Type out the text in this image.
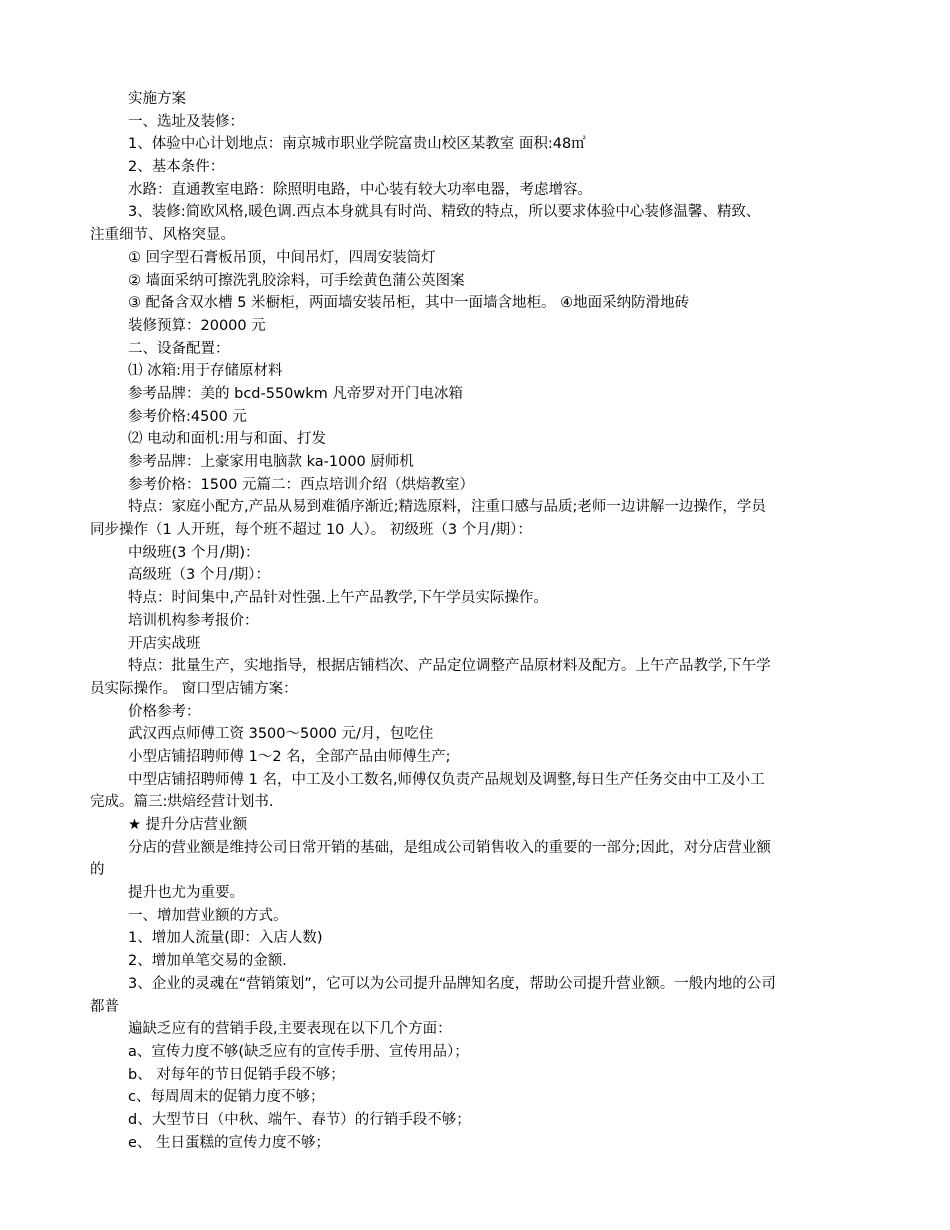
实施方案
一、选址及装修：
1、体验中心计划地点：南京城市职业学院富贵山校区某教室 面积:48㎡
2、基本条件：
水路：直通教室电路：除照明电路，中心装有较大功率电器，考虑增容。
3、装修:简欧风格,暖色调.西点本身就具有时尚、精致的特点，所以要求体验中心装修温馨、精致、
注重细节、风格突显。
① 回字型石膏板吊顶，中间吊灯，四周安装筒灯
② 墙面采纳可擦洗乳胶涂料，可手绘黄色蒲公英图案
③ 配备含双水槽 5 米橱柜，两面墙安装吊柜，其中一面墙含地柜。 ④地面采纳防滑地砖
装修预算：20000 元
二、设备配置：
⑴ 冰箱:用于存储原材料
参考品牌：美的 bcd-550wkm 凡帝罗对开门电冰箱
参考价格:4500 元
⑵ 电动和面机:用与和面、打发
参考品牌：上豪家用电脑款 ka-1000 厨师机
参考价格：1500 元篇二：西点培训介绍（烘焙教室）
特点：家庭小配方,产品从易到难循序渐近;精选原料，注重口感与品质;老师一边讲解一边操作，学员
同步操作（1 人开班，每个班不超过 10 人）。 初级班（3 个月/期）：
中级班(3 个月/期)：
高级班（3 个月/期）：
特点：时间集中,产品针对性强.上午产品教学,下午学员实际操作。
培训机构参考报价：
开店实战班
特点：批量生产，实地指导，根据店铺档次、产品定位调整产品原材料及配方。上午产品教学,下午学
员实际操作。 窗口型店铺方案：
价格参考：
武汉西点师傅工资 3500～5000 元/月，包吃住
小型店铺招聘师傅 1～2 名，全部产品由师傅生产;
中型店铺招聘师傅 1 名，中工及小工数名,师傅仅负责产品规划及调整,每日生产任务交由中工及小工
完成。篇三:烘焙经营计划书.
★ 提升分店营业额
分店的营业额是维持公司日常开销的基础，是组成公司销售收入的重要的一部分;因此，对分店营业额
的
提升也尤为重要。
一、增加营业额的方式。
1、增加人流量(即：入店人数)
2、增加单笔交易的金额.
3、企业的灵魂在“营销策划”，它可以为公司提升品牌知名度，帮助公司提升营业额。一般内地的公司
都普
遍缺乏应有的营销手段,主要表现在以下几个方面：
a、宣传力度不够(缺乏应有的宣传手册、宣传用品）；
b、 对每年的节日促销手段不够；
c、每周周末的促销力度不够；
d、大型节日（中秋、端午、春节）的行销手段不够；
e、 生日蛋糕的宣传力度不够；
